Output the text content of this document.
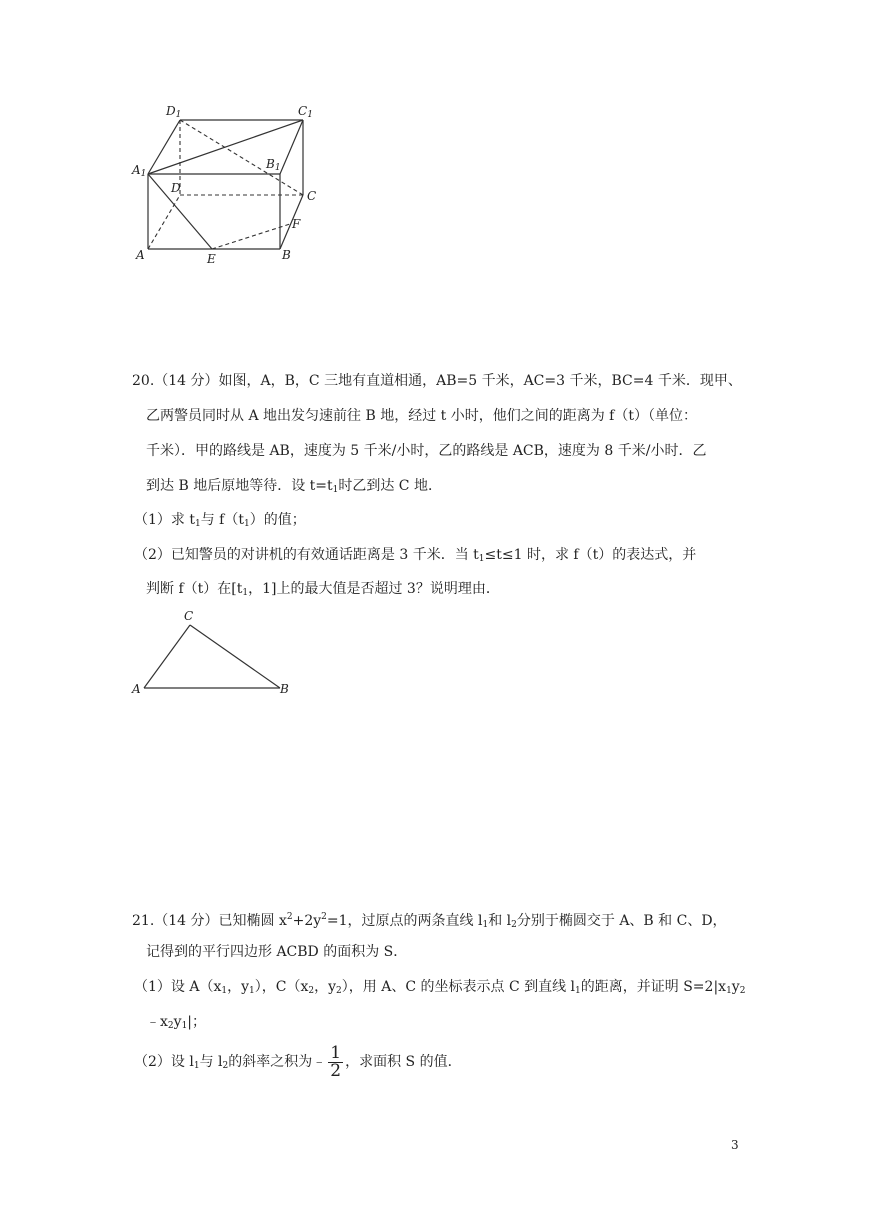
D1	C1
A1
B1
D
C
F
A	E	B
20.（14 分）如图，A，B，C 三地有直道相通，AB=5 千米，AC=3 千米，BC=4 千米．现甲、
乙两警员同时从 A 地出发匀速前往 B 地，经过 t 小时，他们之间的距离为 f（t）（单位：
千米）．甲的路线是 AB，速度为 5 千米/小时，乙的路线是 ACB，速度为 8 千米/小时．乙
到达 B 地后原地等待．设 $t=t_1$时乙到达 C 地．
（1）求 $t_1$与 $f(t_1)$的值；
（2）已知警员的对讲机的有效通话距离是 3 千米．当 $t_1\le t\le 1$ 时，求 f（t）的表达式，并
判断 f（t）在[$t_1$，1]上的最大值是否超过 3？说明理由．
C
A	B
21.（14 分）已知椭圆 $x^2+2y^2=1$，过原点的两条直线 $l_1$和 $l_2$分别于椭圆交于 A、B 和 C、D，
记得到的平行四边形 ACBD 的面积为 S．
（1）设 $A(x_1$，$y_1$），$C(x_2$，$y_2$），用 A、C 的坐标表示点 C 到直线 $l_1$的距离，并证明 $S=2|x_1y_2$
$﹣x_2y_1|$；
（2）设 $l_1$与 $l_2$的斜率之积为﹣ $\frac{1}{2}$ ，求面积 S 的值．
3
